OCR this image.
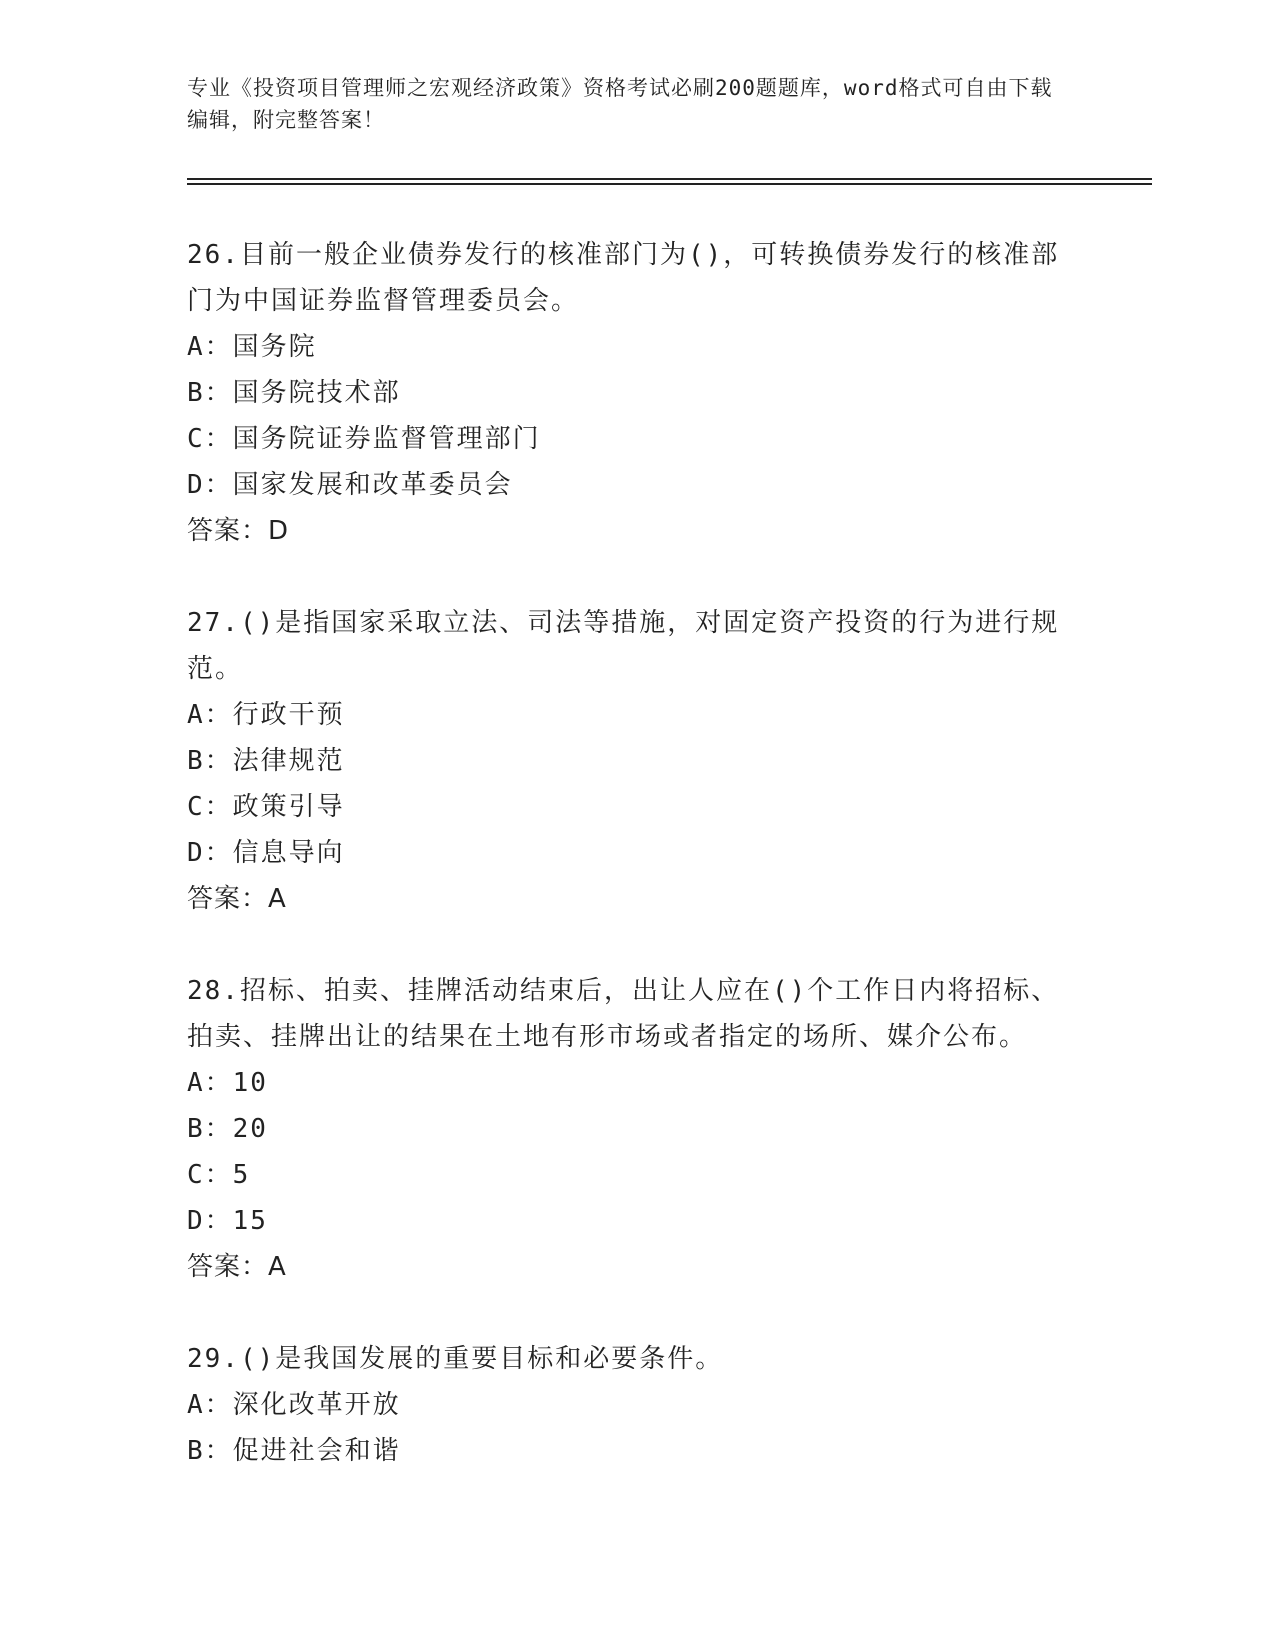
专业《投资项目管理师之宏观经济政策》资格考试必刷200题题库，word格式可自由下载编辑，附完整答案！

26.目前一般企业债券发行的核准部门为()，可转换债券发行的核准部门为中国证券监督管理委员会。

A：国务院

B：国务院技术部

C：国务院证券监督管理部门

D：国家发展和改革委员会

答案：D

27.()是指国家采取立法、司法等措施，对固定资产投资的行为进行规范。

A：行政干预

B：法律规范

C：政策引导

D：信息导向

答案：A

28.招标、拍卖、挂牌活动结束后，出让人应在()个工作日内将招标、拍卖、挂牌出让的结果在土地有形市场或者指定的场所、媒介公布。

A：10

B：20

C：5

D：15

答案：A

29.()是我国发展的重要目标和必要条件。

A：深化改革开放

B：促进社会和谐
